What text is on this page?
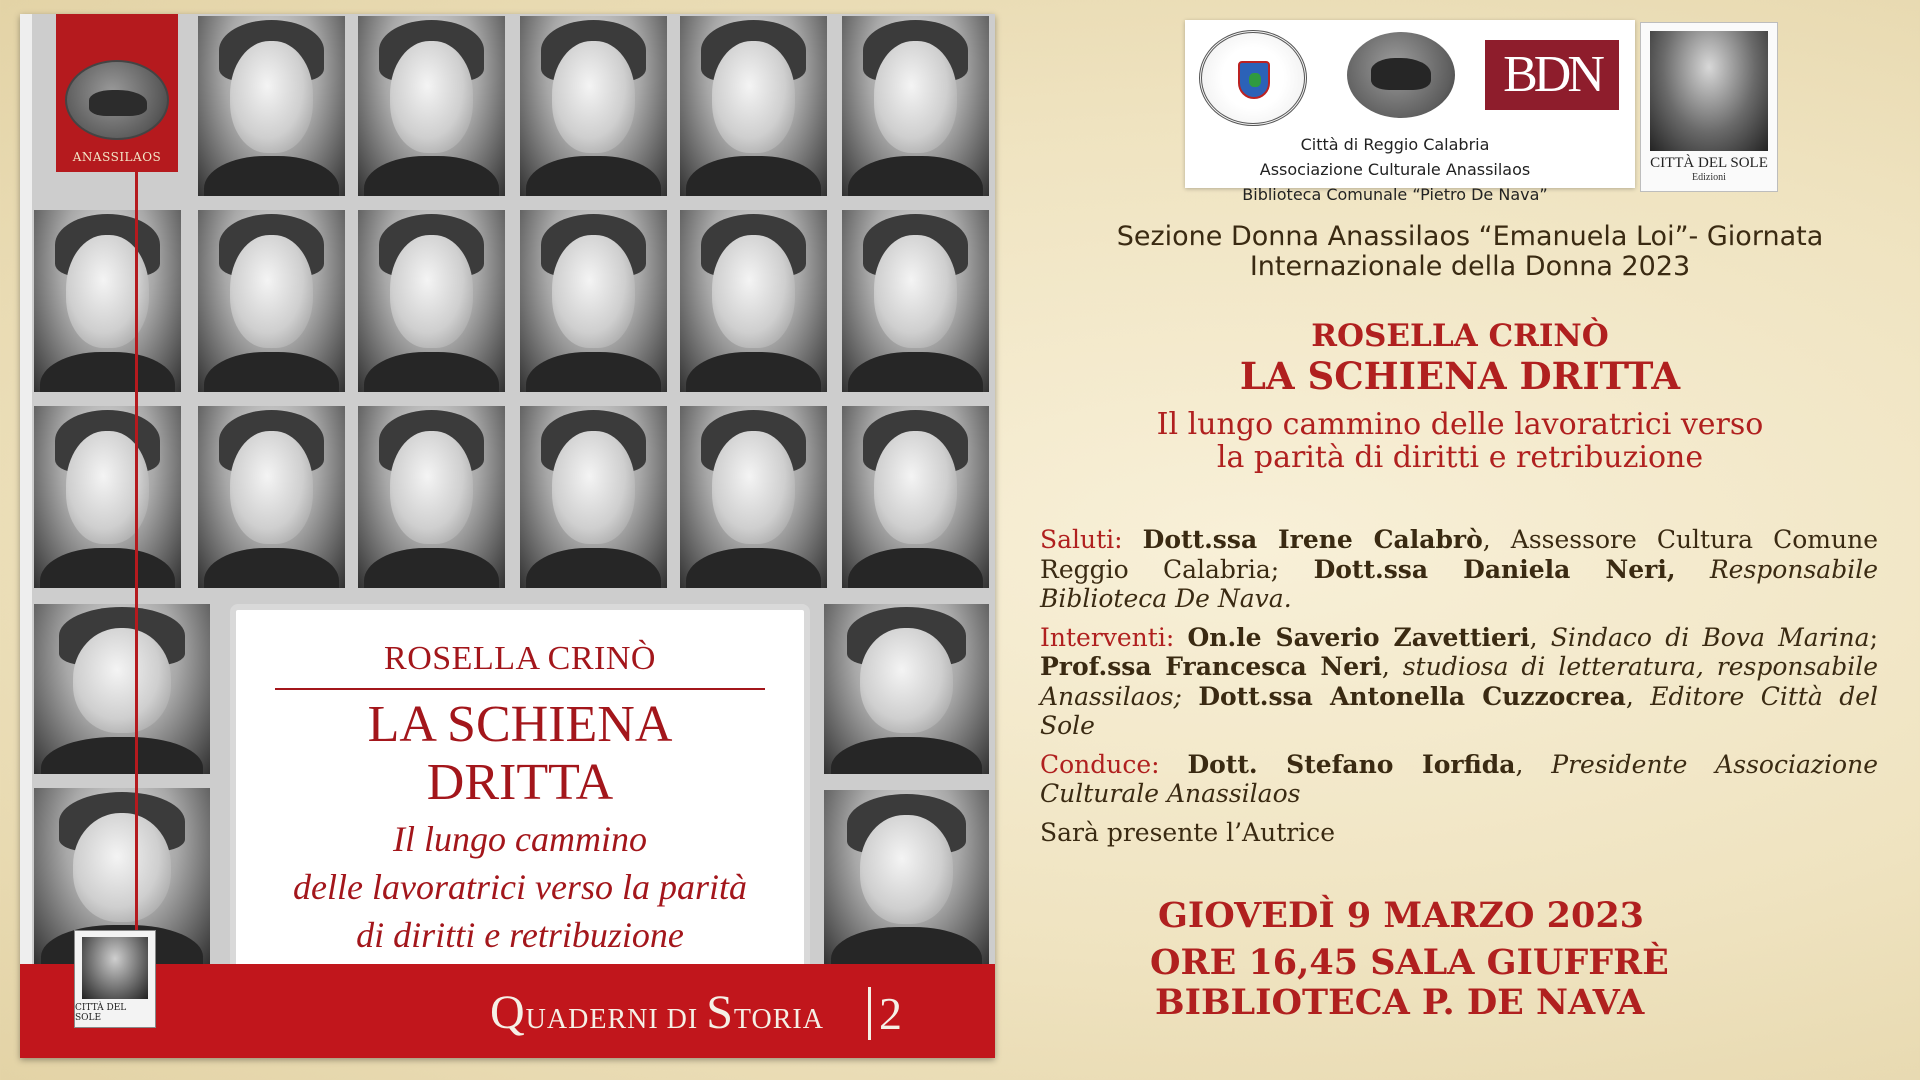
ANASSILAOS
ROSELLA CRINÒ
LA SCHIENA
DRITTA
Il lungo cammino
delle lavoratrici verso la parità
di diritti e retribuzione
QUADERNI DI STORIA 2
CITTÀ DEL SOLE
BDN
Città di Reggio Calabria
Associazione Culturale Anassilaos
Biblioteca Comunale “Pietro De Nava”
CITTÀ DEL SOLE
Edizioni
Sezione Donna Anassilaos “Emanuela Loi”- Giornata
Internazionale della Donna 2023
ROSELLA CRINÒ
LA SCHIENA DRITTA
Il lungo cammino delle lavoratrici verso
la parità di diritti e retribuzione

Saluti: Dott.ssa Irene Calabrò, Assessore Cultura Comune Reggio Calabria; Dott.ssa Daniela Neri, Responsabile Biblioteca De Nava.

Interventi: On.le Saverio Zavettieri, Sindaco di Bova Marina; Prof.ssa Francesca Neri, studiosa di letteratura, responsabile Anassilaos; Dott.ssa Antonella Cuzzocrea, Editore Città del Sole

Conduce: Dott. Stefano Iorfida, Presidente Associazione Culturale Anassilaos

Sarà presente l’Autrice

GIOVEDÌ 9 MARZO 2023
ORE 16,45 SALA GIUFFRÈ
BIBLIOTECA P. DE NAVA
